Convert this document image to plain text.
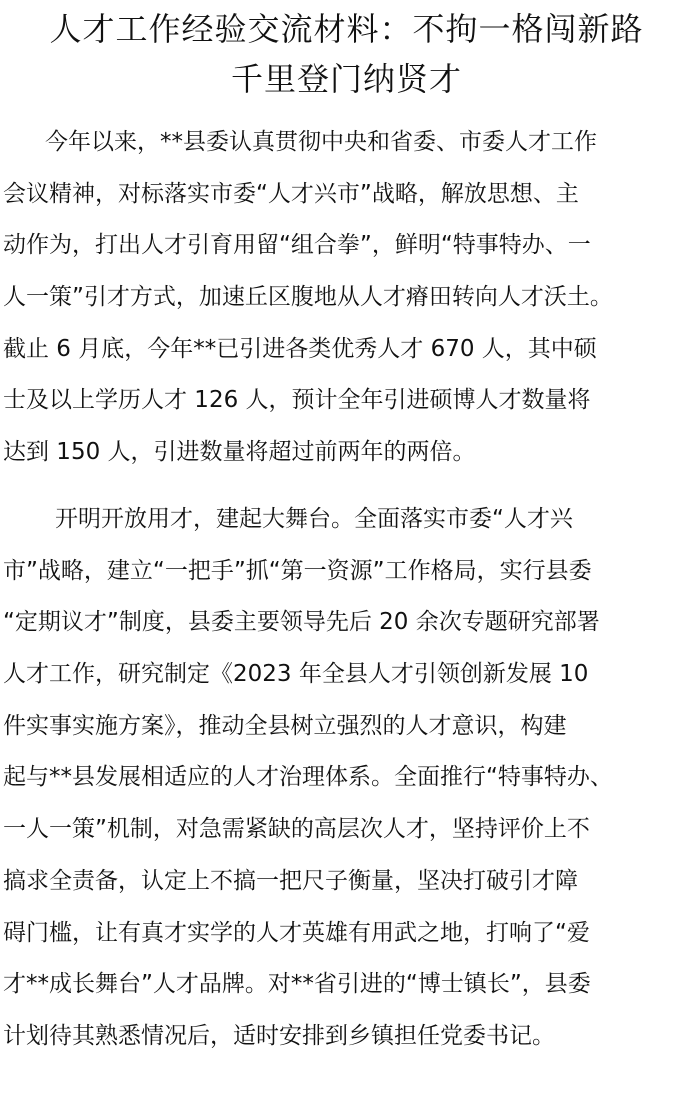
人才工作经验交流材料：不拘一格闯新路
千里登门纳贤才
今年以来，**县委认真贯彻中央和省委、市委人才工作
会议精神，对标落实市委“人才兴市”战略，解放思想、主
动作为，打出人才引育用留“组合拳”，鲜明“特事特办、一
人一策”引才方式，加速丘区腹地从人才瘠田转向人才沃土。
截止 6 月底，今年**已引进各类优秀人才 670 人，其中硕
士及以上学历人才 126 人，预计全年引进硕博人才数量将
达到 150 人，引进数量将超过前两年的两倍。
开明开放用才，建起大舞台。全面落实市委“人才兴
市”战略，建立“一把手”抓“第一资源”工作格局，实行县委
“定期议才”制度，县委主要领导先后 20 余次专题研究部署
人才工作，研究制定《2023 年全县人才引领创新发展 10
件实事实施方案》，推动全县树立强烈的人才意识，构建
起与**县发展相适应的人才治理体系。全面推行“特事特办、
一人一策”机制，对急需紧缺的高层次人才，坚持评价上不
搞求全责备，认定上不搞一把尺子衡量，坚决打破引才障
碍门槛，让有真才实学的人才英雄有用武之地，打响了“爱
才**成长舞台”人才品牌。对**省引进的“博士镇长”，县委
计划待其熟悉情况后，适时安排到乡镇担任党委书记。
